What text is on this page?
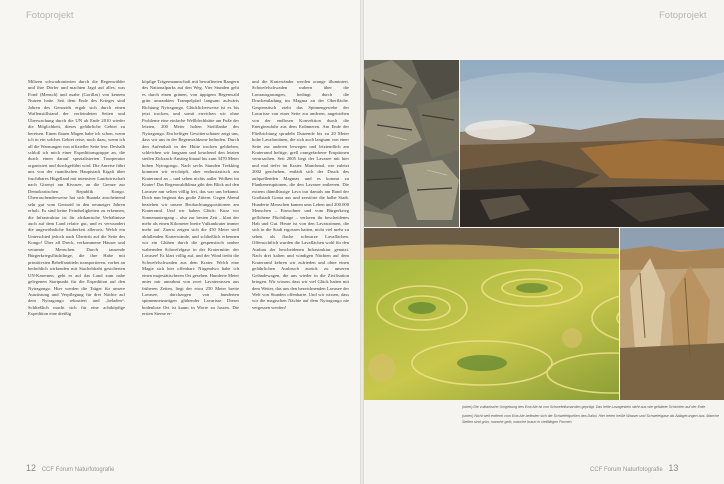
Fotoprojekt

Milizen schwadronierten durch die Regenwälder und ihre Dörfer und machten Jagd auf alles, was Fond (Mensch) und nsabe (Gorillas) von keinem Nutzen hatte. Seit dem Ende des Krieges sind Jahren des Genozids ergab sich durch einen Waffenstillstand der verfeindeten Seiten und Überwachung durch die UN ab Ende 2010 wieder die Möglichkeit, dieses gefährliche Gebiet zu bereisen. Einen flauen Magen habe ich schon, wenn ich in ein solches Gebiet reise, noch dazu, wenn ich all die Warnungen von offizieller Seite lese. Deshalb schloß ich mich einer Expeditionsgruppe an, die durch einen darauf spezialisierten Tourperator organisiert und durchgeführt wird. Die Anreise führt uns von der ruandischen Hauptstadt Kigali über fruchtbares Hügelland mit intensiver Landwirtschaft nach Gisenyi am Kivusee, an die Grenze zur Demokratischen Republik Kongo. Überraschenderweise hat sich Ruanda anscheinend sehr gut vom Genozid in den neunziger Jahren erholt. Es sind keine Feindseligkeiten zu erkennen, die Infrastruktur ist für afrikanische Verhältnisse auch auf dem Land relativ gut, und es verwundert die ungewöhnliche Sauberkeit allerorts. Welch ein Unterschied jedoch nach Übertritt auf die Seite des Kongo! Über all Dreck, verkommene Häuser und verarmte Menschen. Durch tausende Bürgerkriegsflüchtlinge, die ihre Habe mit primitivsten Behelfsmitteln transportieren, vorbei an bedrohlich wirkenden mit Stacheldraht gesicherten UN-Kasernen, geht es auf das Land zum nahe gelegenen Startpunkt für die Expedition auf den Nyiragongo. Hier werden die Träger für unsere Ausrüstung und Verpflegung für drei Nächte auf dem Nyiragongo rekrutiert und „beladen“. Schließlich macht sich für eine achtköpfige Expedition eine dreißig

köpfige Trägermannschaft mit bewaffneten Rangern des Nationalparks auf den Weg. Vier Stunden geht es durch einen grünen, von üppigem Regenwald grün umrankten Trampelpfad langsam aufwärts Richtung Nyiragongo. Glücklicherweise ist es bis jetzt trocken, und somit erreichen wir ohne Probleme eine einfache Wellblechhütte am Fuße der letzten, 200 Meter hohen Steilflanke des Nyiragongo. Ein heftiger Gewitterschauer zeigt uns, dass wir uns in der Regenwaldzone befinden. Durch den Aufenthalt in der Hütte trocken geblieben, schleichen wir langsam und keuchend den letzten steilen Zickzack-Anstieg hinauf bis zum 3470 Meter hohen Nyiragongo. Nach sechs Stunden Trekking kommen wir erschöpft, aber enthusiastisch am Kraterrand an – und sehen nichts außer Wolken im Krater! Das Regenwaldklima gibt den Blick auf den Lavasee nur selten völlig frei, das war uns bekannt. Doch nun beginnt das große Zittern. Gegen Abend beziehen wir unsere Beobachtungspositionen am Kraterrand. Und wir haben Glück: Kurz vor Sonnenuntergang – also zur besten Zeit – klart der mehr als einen Kilometer breite Vulkankrater immer mehr auf. Zuerst zeigen sich die 450 Meter steil abfallenden Kraterwände, und schließlich erkennen wir ein Glühen durch die gespenstisch umher wabernden Schwefelgase in der Kratermitte: der Lavasee! Es klart völlig auf, und der Wind treibt die Schwefelschwaden aus dem Krater. Welch eine Magie sich hier offenbart: Nirgendwo habe ich einen majestätischeren Ort gesehen. Hunderte Meter unter mir umrahmt von zwei Lavaterrassen aus früheren Zeiten, liegt der etwa 250 Meter breite Lavasee, durchzogen von hunderten spinnennetzartigen glühender Lavarisse. Dieser bodenlose Ort ist kaum in Worte zu fassen. Die ersten Sterne er-

und die Kraterränder werden orange illuminiert. Schwefelschwaden wabern über die Lavaausgasungen, bedingt durch die Druckentladung im Magma an der Oberfläche. Gespenstisch zieht das Spinnengewebe der Lavarisse von einer Seite zur anderen, angetrieben von der endlosen Konvektion durch die Energiezufuhr aus dem Erdinneren. Am Ende der Fließrichtung sprudeln Dutzende bis zu 20 Meter hohe Lavafontänen, die sich auch langsam von einer Seite zur anderen bewegen und letztendlich am Kraterrand heftige, grell orangefarbene Eruptionen verursachen. Seit 2005 liegt der Lavasee mit hier und mal tiefer im Krater. Manchmal, wie zuletzt 2002 geschehen, entlädt sich der Druck des aufquellenden Magmas und es kommt zu Flankeneruptionen, die den Lavasee entleeren. Die extrem dünnflüssige Lava trat damals am Rand der Großstadt Goma aus und zerstörte die halbe Stadt. Hunderte Menschen kamen ums Leben und 200.000 Menschen – Einwohner und vom Bürgerkrieg geflohene Flüchtlinge – verloren ihr bescheidenes Hab und Gut. Heute ist von den Lavaströmen, die sich in die Stadt ergossen hatten, nicht viel mehr zu sehen als flache schwarze Lavaflächen. Offensichtlich wurden die Lavaflächen wohl für den Ausbau der bescheidenen Infrastruktur genutzt. Nach drei kalten und windigen Nächten auf dem Kraterrand kehren wir zufrieden und ohne einen gefährlichen Ausbruch zurück zu unseren Geländewagen, die uns wieder in die Zivilisation bringen. Wir wissen, dass wir viel Glück hatten mit dem Wetter, das uns den bezeichnenden Lavasee der Welt von Stunden offenbarte. Und wir wissen, dass wir die magischen Nächte auf dem Nyiragongo nie vergessen werden!

12 CCF Forum Naturfotografie
Fotoprojekt

(oben) Die vulkanische Umgebung des Erta Ale ist von Schwefelfumarolen geprägt. Das helle Lavagestein sieht aus wie gefaltete Schichten auf der Erde.

(unten) Nicht weit entfernt vom Erta Ale befinden sich die Schwefelquellen des Dallol. Hier treten heiße Wasser und Schwefelgase als Ablagerungen aus. Manche Stellen sind grün, manche gelb, manche braun in vielfältigen Formen.

CCF Forum Naturfotografie 13
